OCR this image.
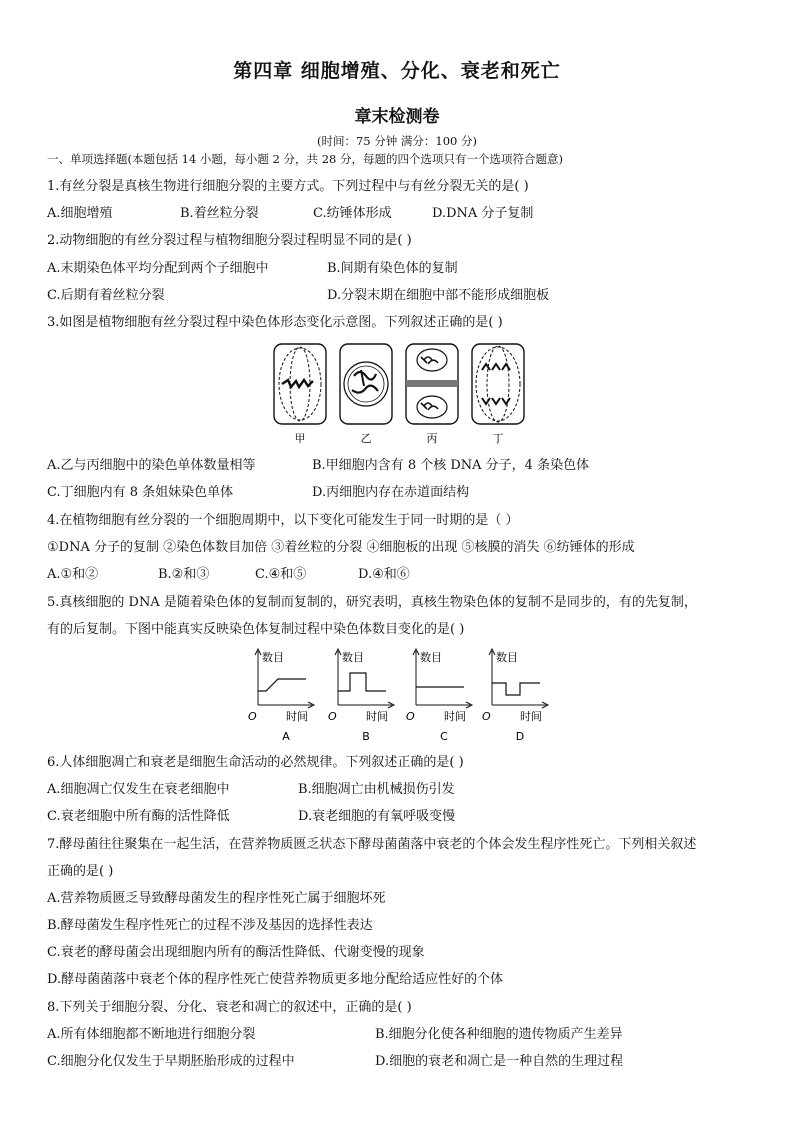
第四章 细胞增殖、分化、衰老和死亡
章末检测卷
(时间：75 分钟 满分：100 分)
一、单项选择题(本题包括 14 小题，每小题 2 分，共 28 分，每题的四个选项只有一个选项符合题意)
1.有丝分裂是真核生物进行细胞分裂的主要方式。下列过程中与有丝分裂无关的是( )
A.细胞增殖	B.着丝粒分裂	C.纺锤体形成	D.DNA 分子复制
2.动物细胞的有丝分裂过程与植物细胞分裂过程明显不同的是( )
A.末期染色体平均分配到两个子细胞中	B.间期有染色体的复制
C.后期有着丝粒分裂	D.分裂末期在细胞中部不能形成细胞板
3.如图是植物细胞有丝分裂过程中染色体形态变化示意图。下列叙述正确的是( )
甲	乙	丙	丁
A.乙与丙细胞中的染色单体数量相等	B.甲细胞内含有 8 个核 DNA 分子，4 条染色体
C.丁细胞内有 8 条姐妹染色单体	D.丙细胞内存在赤道面结构
4.在植物细胞有丝分裂的一个细胞周期中，以下变化可能发生于同一时期的是（ ）
①DNA 分子的复制 ②染色体数目加倍 ③着丝粒的分裂 ④细胞板的出现 ⑤核膜的消失 ⑥纺锤体的形成
A.①和②	B.②和③	C.④和⑤	D.④和⑥
5.真核细胞的 DNA 是随着染色体的复制而复制的，研究表明，真核生物染色体的复制不是同步的，有的先复制，
有的后复制。下图中能真实反映染色体复制过程中染色体数目变化的是( )
数目
O	时间
A
数目
O	时间
B
数目
O	时间
C
数目
O	时间
D
6.人体细胞凋亡和衰老是细胞生命活动的必然规律。下列叙述正确的是( )
A.细胞凋亡仅发生在衰老细胞中	B.细胞凋亡由机械损伤引发
C.衰老细胞中所有酶的活性降低	D.衰老细胞的有氧呼吸变慢
7.酵母菌往往聚集在一起生活，在营养物质匮乏状态下酵母菌菌落中衰老的个体会发生程序性死亡。下列相关叙述
正确的是( )
A.营养物质匮乏导致酵母菌发生的程序性死亡属于细胞坏死
B.酵母菌发生程序性死亡的过程不涉及基因的选择性表达
C.衰老的酵母菌会出现细胞内所有的酶活性降低、代谢变慢的现象
D.酵母菌菌落中衰老个体的程序性死亡使营养物质更多地分配给适应性好的个体
8.下列关于细胞分裂、分化、衰老和凋亡的叙述中，正确的是( )
A.所有体细胞都不断地进行细胞分裂	B.细胞分化使各种细胞的遗传物质产生差异
C.细胞分化仅发生于早期胚胎形成的过程中	D.细胞的衰老和凋亡是一种自然的生理过程
